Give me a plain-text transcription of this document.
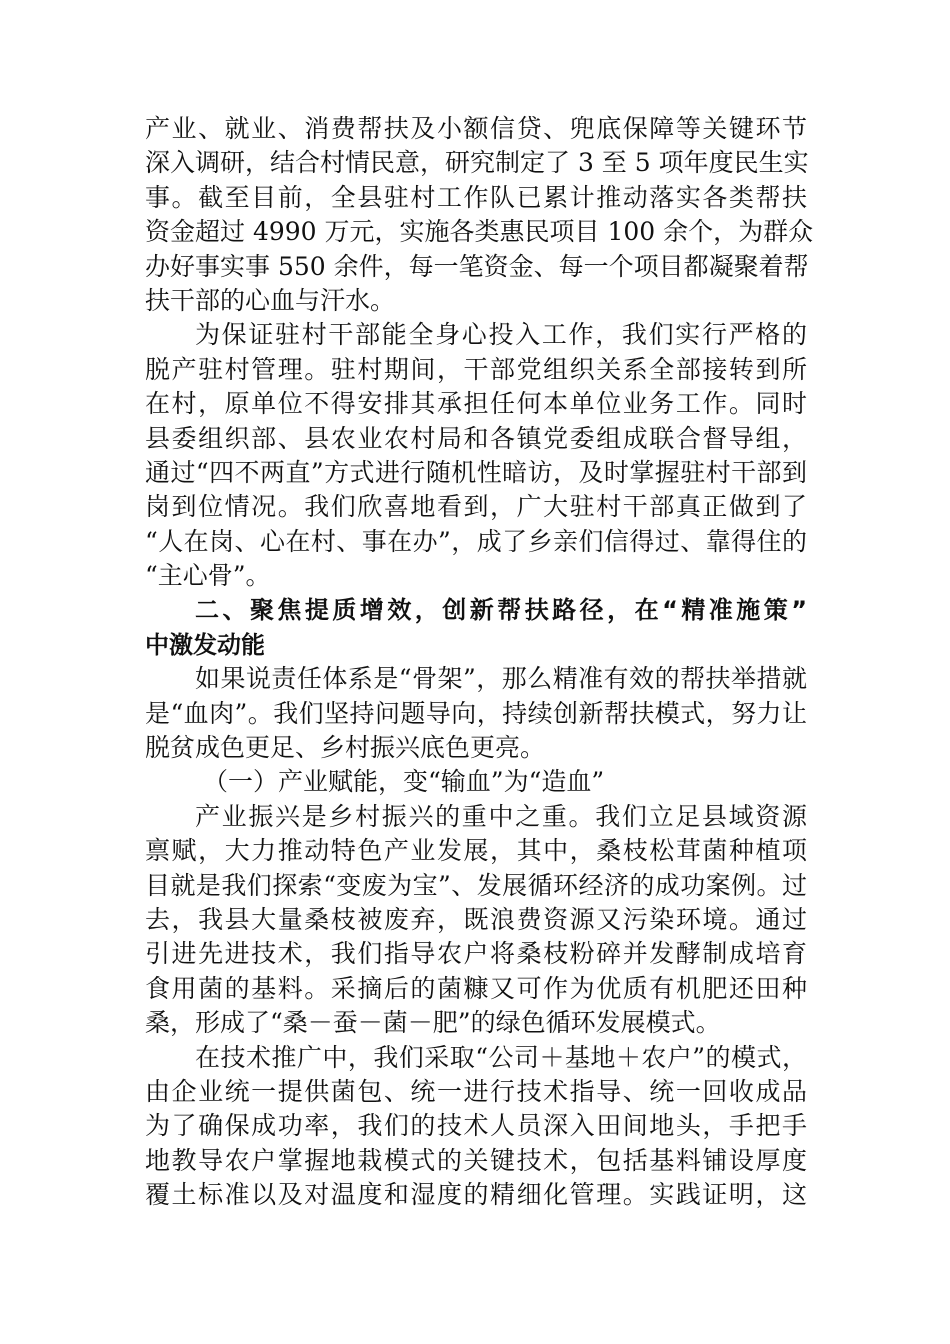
产业、就业、消费帮扶及小额信贷、兜底保障等关键环节
深入调研，结合村情民意，研究制定了 3 至 5 项年度民生实
事。截至目前，全县驻村工作队已累计推动落实各类帮扶
资金超过 4990 万元，实施各类惠民项目 100 余个，为群众
办好事实事 550 余件，每一笔资金、每一个项目都凝聚着帮
扶干部的心血与汗水。
为保证驻村干部能全身心投入工作，我们实行严格的
脱产驻村管理。驻村期间，干部党组织关系全部接转到所
在村，原单位不得安排其承担任何本单位业务工作。同时
县委组织部、县农业农村局和各镇党委组成联合督导组，
通过“四不两直”方式进行随机性暗访，及时掌握驻村干部到
岗到位情况。我们欣喜地看到，广大驻村干部真正做到了
“人在岗、心在村、事在办”，成了乡亲们信得过、靠得住的
“主心骨”。
二、聚焦提质增效，创新帮扶路径，在“精准施策”
中激发动能
如果说责任体系是“骨架”，那么精准有效的帮扶举措就
是“血肉”。我们坚持问题导向，持续创新帮扶模式，努力让
脱贫成色更足、乡村振兴底色更亮。
（一）产业赋能，变“输血”为“造血”
产业振兴是乡村振兴的重中之重。我们立足县域资源
禀赋，大力推动特色产业发展，其中，桑枝松茸菌种植项
目就是我们探索“变废为宝”、发展循环经济的成功案例。过
去，我县大量桑枝被废弃，既浪费资源又污染环境。通过
引进先进技术，我们指导农户将桑枝粉碎并发酵制成培育
食用菌的基料。采摘后的菌糠又可作为优质有机肥还田种
桑，形成了“桑－蚕－菌－肥”的绿色循环发展模式。
在技术推广中，我们采取“公司＋基地＋农户”的模式，
由企业统一提供菌包、统一进行技术指导、统一回收成品
为了确保成功率，我们的技术人员深入田间地头，手把手
地教导农户掌握地栽模式的关键技术，包括基料铺设厚度
覆土标准以及对温度和湿度的精细化管理。实践证明，这
